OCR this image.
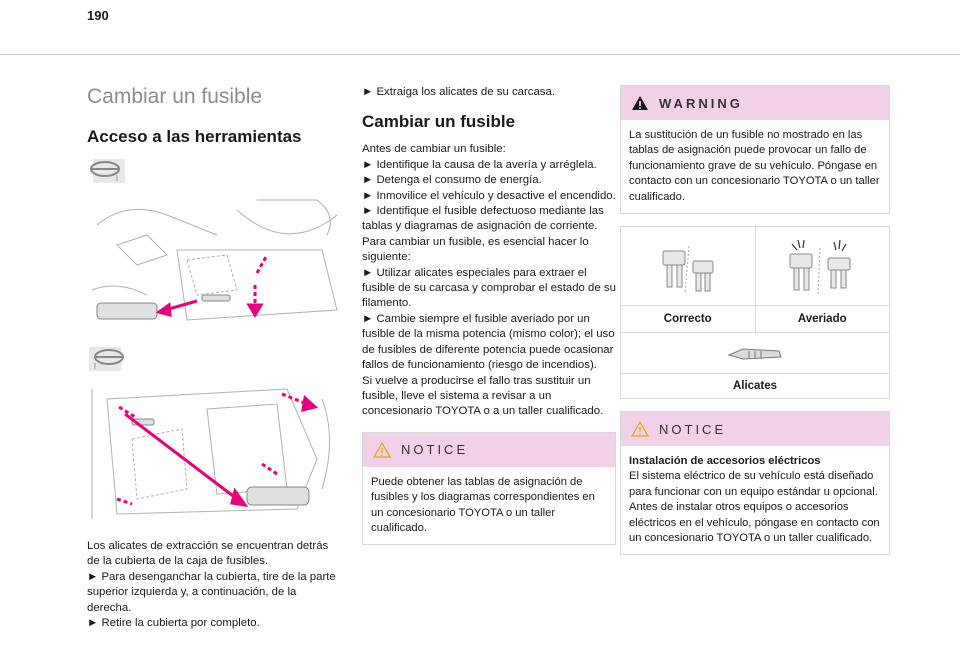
190
Cambiar un fusible
Acceso a las herramientas

Los alicates de extracción se encuentran detrás de la cubierta de la caja de fusibles.

► Para desenganchar la cubierta, tire de la parte superior izquierda y, a continuación, de la derecha.

► Retire la cubierta por completo.

► Extraiga los alicates de su carcasa.

Cambiar un fusible

Antes de cambiar un fusible:

► Identifique la causa de la avería y arréglela.

► Detenga el consumo de energía.

► Inmovilice el vehículo y desactive el encendido.

► Identifique el fusible defectuoso mediante las tablas y diagramas de asignación de corriente.

Para cambiar un fusible, es esencial hacer lo siguiente:

► Utilizar alicates especiales para extraer el fusible de su carcasa y comprobar el estado de su filamento.

► Cambie siempre el fusible averiado por un fusible de la misma potencia (mismo color); el uso de fusibles de diferente potencia puede ocasionar fallos de funcionamiento (riesgo de incendios).

Si vuelve a producirse el fallo tras sustituir un fusible, lleve el sistema a revisar a un concesionario TOYOTA o a un taller cualificado.

NOTICE
Puede obtener las tablas de asignación de fusibles y los diagramas correspondientes en un concesionario TOYOTA o un taller cualificado.
WARNING
La sustitución de un fusible no mostrado en las tablas de asignación puede provocar un fallo de funcionamiento grave de su vehículo. Póngase en contacto con un concesionario TOYOTA o un taller cualificado.
Correcto	Averiado
Alicates
NOTICE
Instalación de accesorios eléctricos
El sistema eléctrico de su vehículo está diseñado para funcionar con un equipo estándar u opcional.
Antes de instalar otros equipos o accesorios eléctricos en el vehículo, póngase en contacto con un concesionario TOYOTA o un taller cualificado.
